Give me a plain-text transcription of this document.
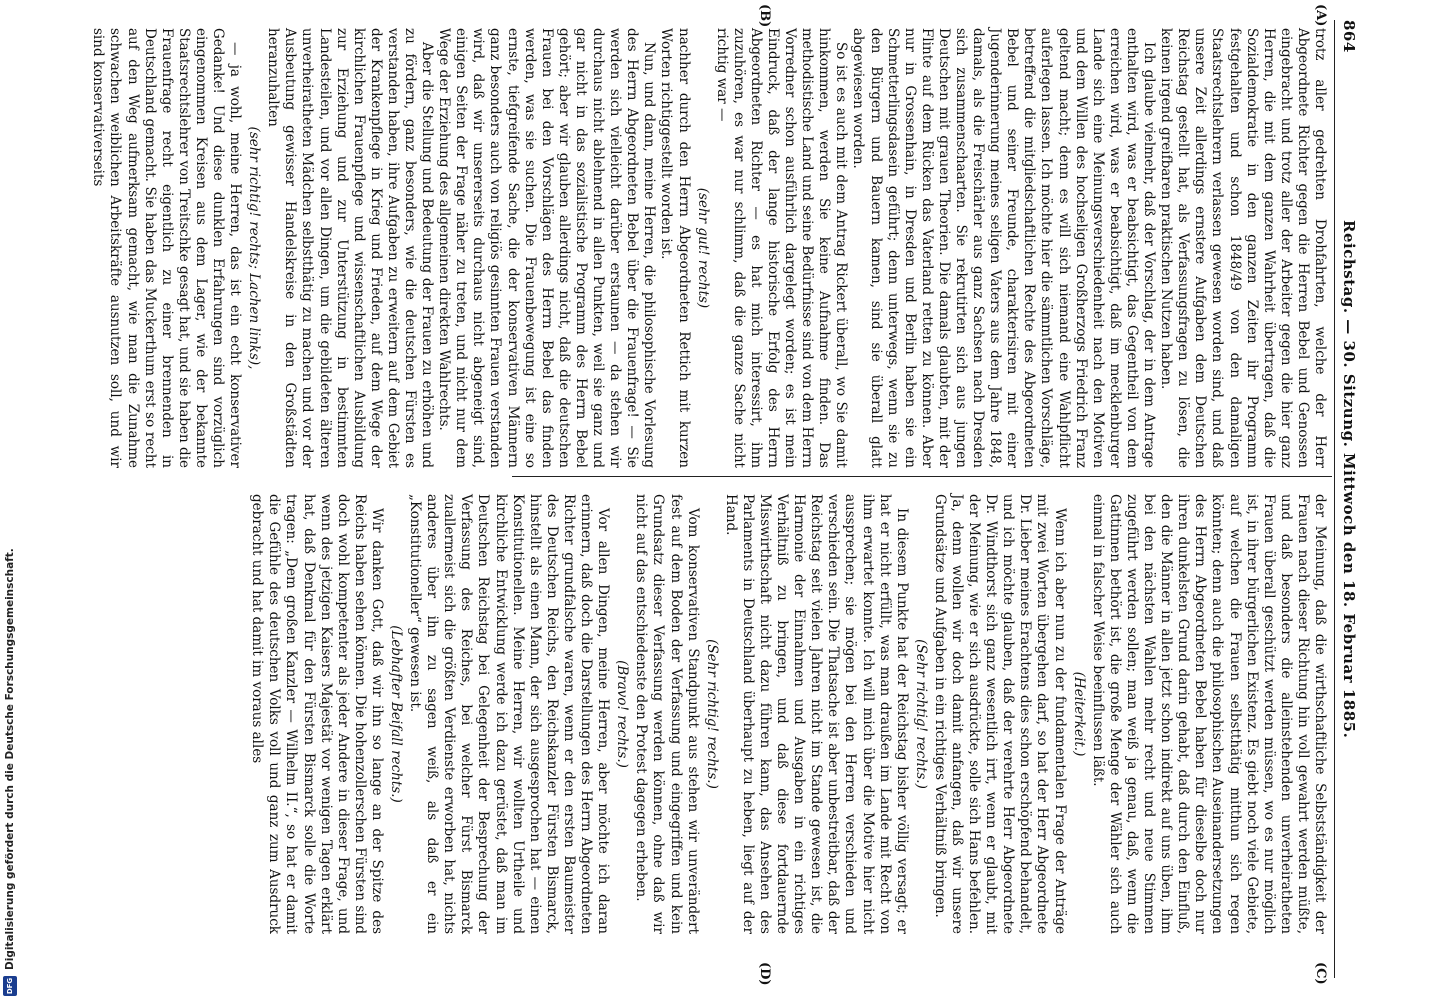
864
Reichstag. — 30. Sitzung. Mittwoch den 18. Februar 1885.
(A)
(B)
(C)
(D)

trotz aller gedrehten Drohfahrten, welche der Herr Abgeordnete Richter gegen die Herren Bebel und Genossen eingebracht und trotz aller der Arbeiter gegen die hier ganz Herren, die mit dem ganzen Wahrheit übertragen, daß die Sozialdemokratie in den ganzen Zeiten ihr Programm festgehalten und schon 1848/49 von den damaligen Staatsrechtslehrern verlassen gewesen worden sind, und daß unsere Zeit allerdings ernstere Aufgaben dem Deutschen Reichstag gestellt hat, als Verfassungsfragen zu lösen, die keinen irgend greifbaren praktischen Nutzen haben.

Ich glaube vielmehr, daß der Vorschlag, der in dem Antrage enthalten wird, was er beabsichtigt, das Gegentheil von dem erreichen wird, was er beabsichtigt, daß im mecklenburger Lande sich eine Meinungsverschiedenheit nach den Motiven und dem Willen des hochseligen Großherzogs Friedrich Franz geltend macht; denn es will sich niemand eine Wahlpflicht auferlegen lassen. Ich möchte hier die sämmtlichen Vorschläge, betreffend die mitgliedschaftlichen Rechte des Abgeordneten Bebel und seiner Freunde, charakterisiren mit einer Jugenderinnerung meines seligen Vaters aus dem Jahre 1848, damals, als die Freischärler aus ganz Sachsen nach Dresden sich zusammenschaarten. Sie rekrutirten sich aus jungen Deutschen mit grauen Theorien. Die damals glaubten, mit der Flinte auf dem Rücken das Vaterland retten zu können. Aber nur in Grossenhain, in Dresden und Berlin haben sie ein Schmetterlingsdasein geführt; denn unterwegs, wenn sie zu den Bürgern und Bauern kamen, sind sie überall glatt abgewiesen worden.

So ist es auch mit dem Antrag Rickert überall, wo Sie damit hinkommen, werden Sie keine Aufnahme finden. Das methodistische Land und seine Bedürfnisse sind von dem Herrn Vorredner schon ausführlich dargelegt worden; es ist mein Eindruck, daß der lange historische Erfolg des Herrn Abgeordneten Richter — es hat mich interessirt, ihm zuzuhören, es war nur schlimm, daß die ganze Sache nicht richtig war —

(sehr gut! rechts)

nachher durch den Herrn Abgeordneten Rettich mit kurzen Worten richtiggestellt worden ist.

Nun, und dann, meine Herren, die philosophische Vorlesung des Herrn Abgeordneten Bebel über die Frauenfrage! — Sie werden sich vielleicht darüber erstaunen — da stehen wir durchaus nicht ablehnend in allen Punkten, weil sie ganz und gar nicht in das sozialistische Programm des Herrn Bebel gehört; aber wir glauben allerdings nicht, daß die deutschen Frauen bei den Vorschlägen des Herrn Bebel das finden werden, was sie suchen. Die Frauenbewegung ist eine so ernste, tiefgreifende Sache, die der konservativen Männern ganz besonders auch von religiös gesinnten Frauen verstanden wird, daß wir unsererseits durchaus nicht abgeneigt sind, einigen Seiten der Frage näher zu treten, und nicht nur dem Wege der Erziehung des allgemeinen direkten Wahlrechts.

Aber die Stellung und Bedeutung der Frauen zu erhöhen und zu fördern, ganz besonders, wie die deutschen Fürsten es verstanden haben, ihre Aufgaben zu erweitern auf dem Gebiet der Krankenpflege in Krieg und Frieden, auf dem Wege der kirchlichen Frauenpflege und wissenschaftlichen Ausbildung zur Erziehung und zur Unterstützung in bestimmten Landesteilen, und vor allen Dingen, um die gebildeten älteren unverheiratheten Mädchen selbstthätig zu machen und vor der Ausbeutung gewisser Handelskreise in den Großstädten heranzuhalten

(sehr richtig! rechts; Lachen links),

— ja wohl, meine Herren, das ist ein echt konservativer Gedanke! Und diese dunklen Erfahrungen sind vorzüglich eingenommen Kreisen aus dem Lager, wie der bekannte Staatsrechtslehrer von Treitschke gesagt hat, und sie haben die Frauenfrage recht eigentlich zu einer brennenden in Deutschland gemacht. Sie haben das Muckerthum erst so recht auf den Weg aufmerksam gemacht, wie man die Zunahme schwachen weiblichen Arbeitskräfte ausnutzen soll, und wir sind konservativerseits

der Meinung, daß die wirthschaftliche Selbstständigkeit der Frauen nach dieser Richtung hin voll gewahrt werden müßte, und daß besonders die alleinstehenden unverheiratheten Frauen überall geschützt werden müssen, wo es nur möglich ist, in ihrer bürgerlichen Existenz. Es giebt noch viele Gebiete, auf welchen die Frauen selbstthätig mitthun sich regen könnten; denn auch die philosophischen Auseinandersetzungen des Herrn Abgeordneten Bebel haben für dieselbe doch nur ihren dunkelsten Grund darin gehabt, daß durch den Einfluß, den die Männer in allen jetzt schon indirekt auf uns üben, ihm bei den nächsten Wahlen mehr recht und neue Stimmen zugeführt werden sollen; man weiß ja genau, daß, wenn die Gattinnen bethört ist, die große Menge der Wähler sich auch einmal in falscher Weise beeinflussen läßt.

(Heiterkeit.)

Wenn ich aber nun zu der fundamentalen Frage der Anträge mit zwei Worten übergehen darf, so hat der Herr Abgeordnete Dr. Lieber meines Erachtens dies schon erschöpfend behandelt, und ich möchte glauben, daß der verehrte Herr Abgeordnete Dr. Windthorst sich ganz wesentlich irrt, wenn er glaubt, mit der Meinung, wie er sich ausdrückte, solle sich Hans befehlen. Ja, denn wollen wir doch damit anfangen, daß wir unsere Grundsätze und Aufgaben in ein richtiges Verhältniß bringen.

(Sehr richtig! rechts.)

In diesem Punkte hat der Reichstag bisher völlig versagt; er hat er nicht erfüllt, was man draußen im Lande mit Recht von ihm erwartet konnte. Ich will mich über die Motive hier nicht aussprechen; sie mögen bei den Herren verschieden und verschieden sein. Die Thatsache ist aber unbestreitbar, daß der Reichstag seit vielen Jahren nicht im Stande gewesen ist, die Harmonie der Einnahmen und Ausgaben in ein richtiges Verhältniß zu bringen, und daß diese fortdauernde Misswirthschaft nicht dazu führen kann, das Ansehen des Parlaments in Deutschland überhaupt zu heben, liegt auf der Hand.

(Sehr richtig! rechts.)

Vom konservativen Standpunkt aus stehen wir unverändert fest auf dem Boden der Verfassung und eingegriffen und kein Grundsatz dieser Verfassung werden können, ohne daß wir nicht auf das entschiedenste den Protest dagegen erheben.

(Bravo! rechts.)

Vor allen Dingen, meine Herren, aber möchte ich daran erinnern, daß doch die Darstellungen des Herrn Abgeordneten Richter grundfalsche waren, wenn er den ersten Baumeister des Deutschen Reichs, den Reichskanzler Fürsten Bismarck, hinstellt als einen Mann, der sich ausgesprochen hat — einen Konstitutionellen. Meine Herren, wir wollten Urtheile und kirchliche Entwicklung werde ich dazu gerüstet, daß man im Deutschen Reichstag bei Gelegenheit der Besprechung der Verfassung des Reiches, bei welcher Fürst Bismarck zuallermeist sich die größten Verdienste erworben hat, nichts anderes über ihn zu sagen weiß, als daß er ein „Konstitutioneller“ gewesen ist.

(Lebhafter Beifall rechts.)

Wir danken Gott, daß wir ihn so lange an der Spitze des Reichs haben sehen können. Die hohenzollerschen Fürsten sind doch wohl kompetenter als jeder Andere in dieser Frage, und wenn des jetzigen Kaisers Majestät vor wenigen Tagen erklärt hat, daß Denkmal für den Fürsten Bismarck solle die Worte tragen: „Dem großen Kanzler — Wilhelm II.“, so hat er damit die Gefühle des deutschen Volks voll und ganz zum Ausdruck gebracht und hat damit im voraus alles

Digitalisierung gefördert durch die Deutsche Forschungsgemeinschaft.
DFG
